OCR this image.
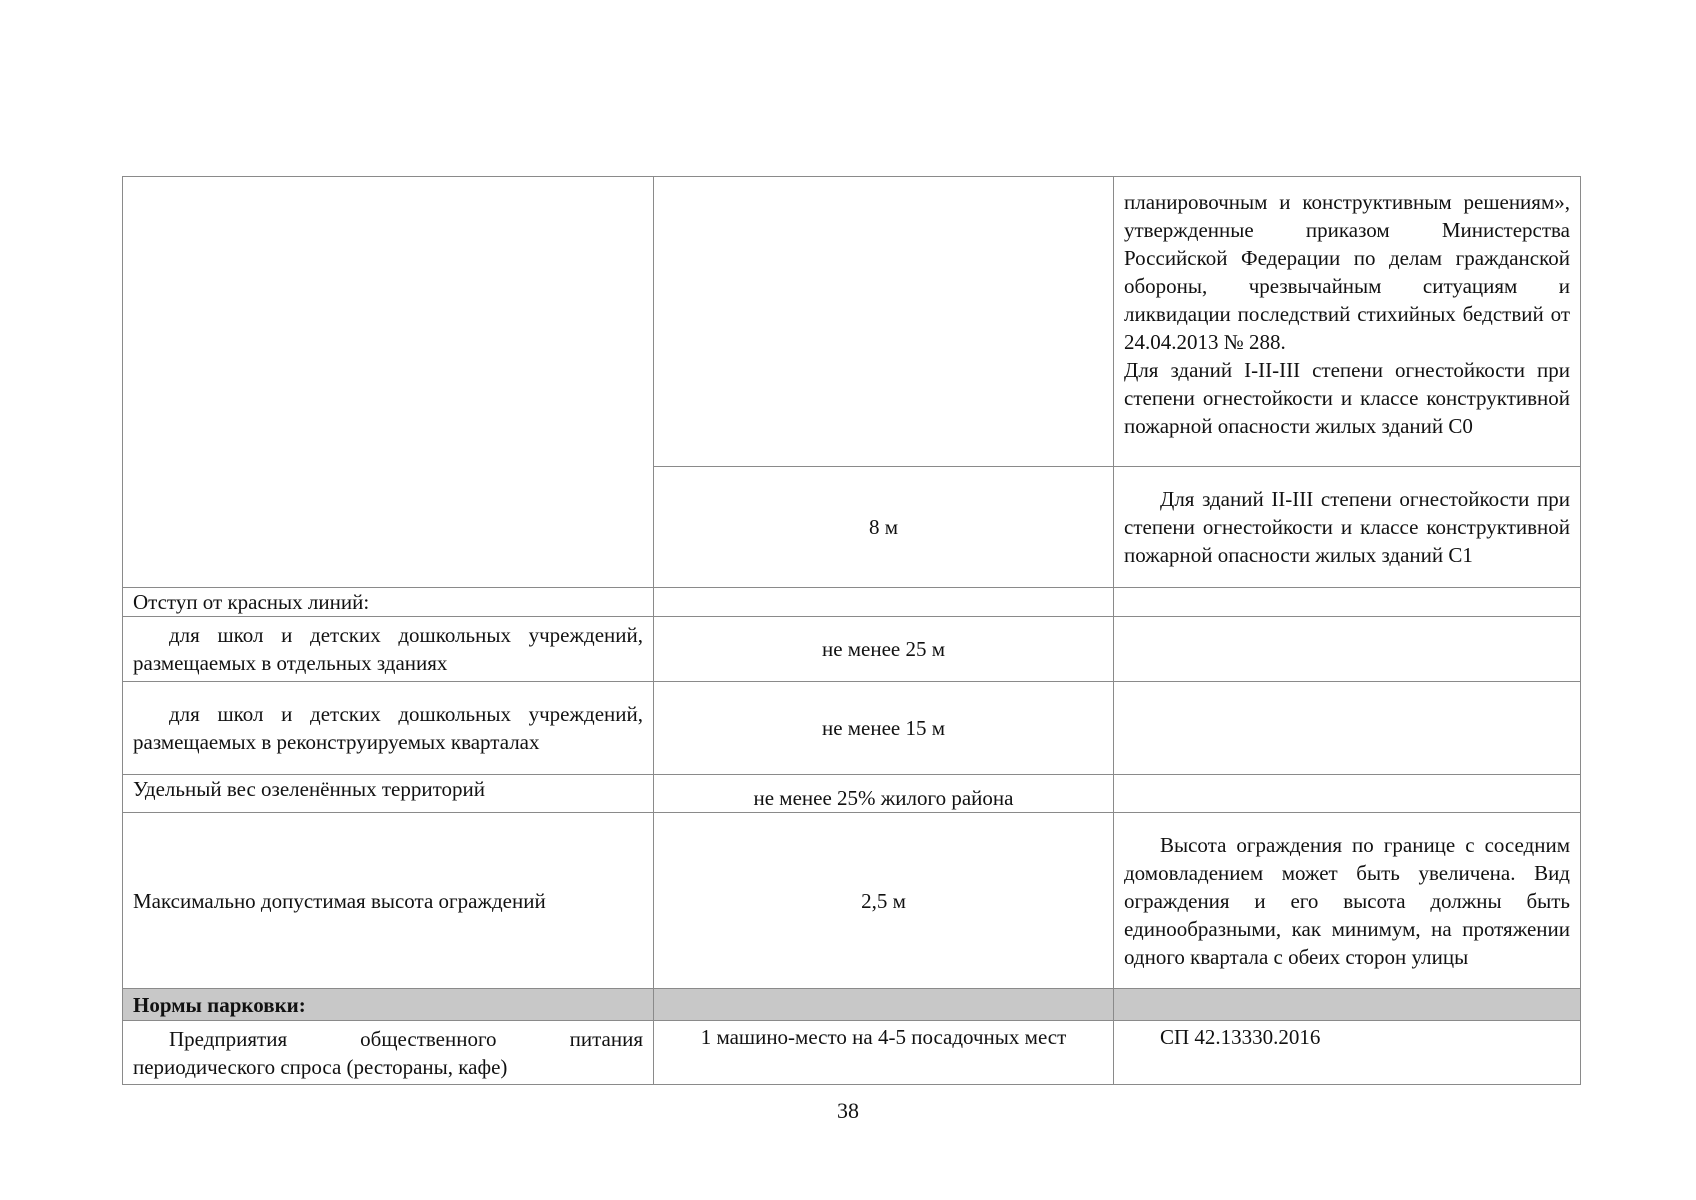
		планировочным и конструктивным решениям», утвержденные приказом Министерства Российской Федерации по делам гражданской обороны, чрезвычайным ситуациям и ликвидации последствий стихийных бедствий от 24.04.2013 № 288.
Для зданий I-II-III степени огнестойкости при степени огнестойкости и классе конструктивной пожарной опасности жилых зданий С0

	8 м	Для зданий II-III степени огнестойкости при степени огнестойкости и классе конструктивной пожарной опасности жилых зданий С1
Отступ от красных линий:		
для школ и детских дошкольных учреждений, размещаемых в отдельных зданиях	не менее 25 м	
для школ и детских дошкольных учреждений, размещаемых в реконструируемых кварталах	не менее 15 м	
Удельный вес озеленённых территорий	не менее 25% жилого района	
Максимально допустимая высота ограждений	2,5 м	Высота ограждения по границе с соседним домовладением может быть увеличена. Вид ограждения и его высота должны быть единообразными, как минимум, на протяжении одного квартала с обеих сторон улицы
Нормы парковки:		
Предприятия общественного питания периодического спроса (рестораны, кафе)	1 машино-место на 4-5 посадочных мест	СП 42.13330.2016
38
